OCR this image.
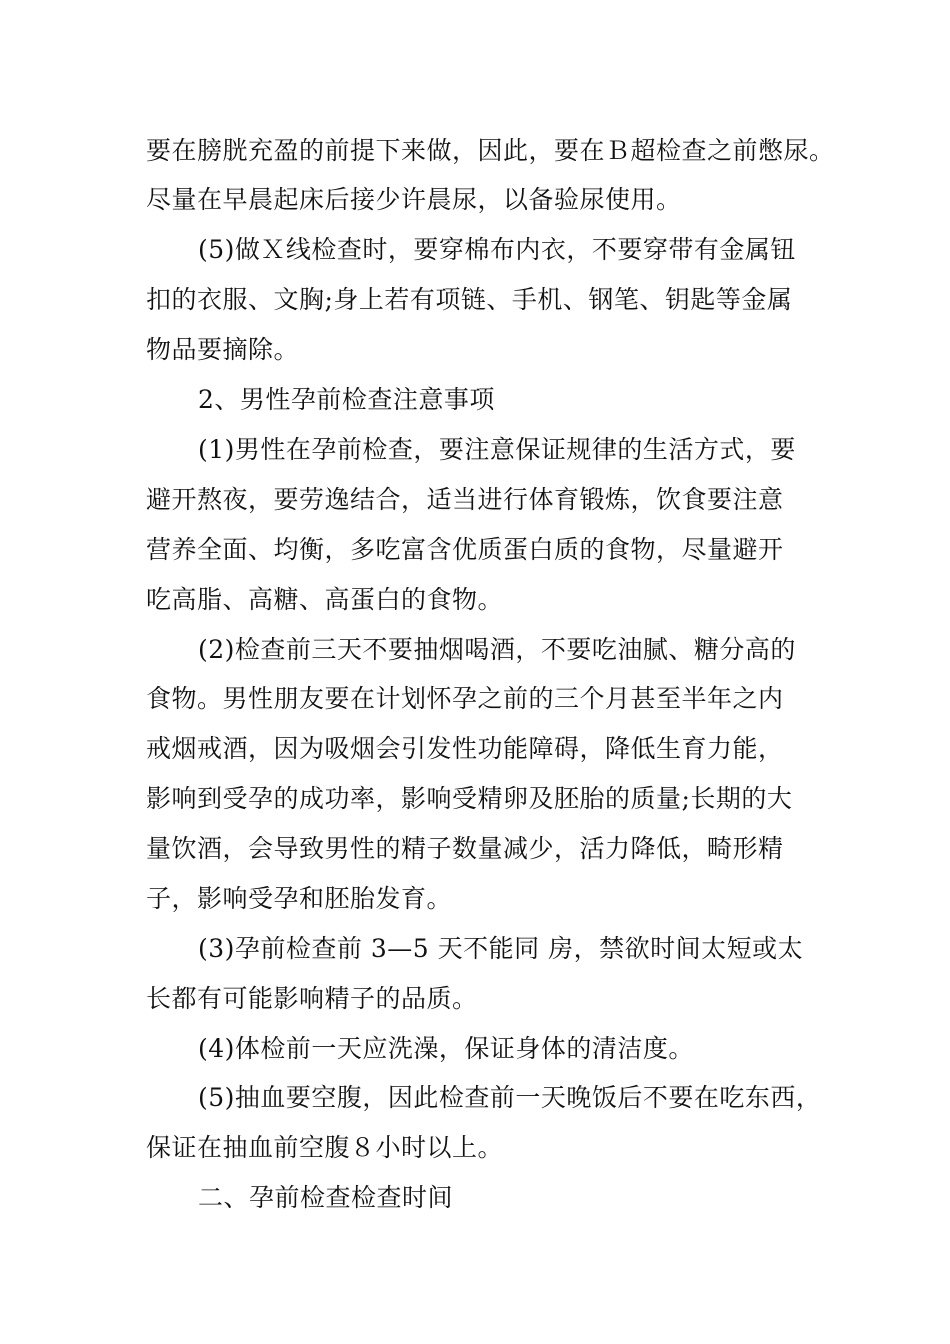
要在膀胱充盈的前提下来做，因此，要在Ｂ超检查之前憋尿。
尽量在早晨起床后接少许晨尿，以备验尿使用。
(5)做Ｘ线检查时，要穿棉布内衣，不要穿带有金属钮
扣的衣服、文胸;身上若有项链、手机、钢笔、钥匙等金属
物品要摘除。
2、男性孕前检查注意事项
(1)男性在孕前检查，要注意保证规律的生活方式，要
避开熬夜，要劳逸结合，适当进行体育锻炼，饮食要注意
营养全面、均衡，多吃富含优质蛋白质的食物，尽量避开
吃高脂、高糖、高蛋白的食物。
(2)检查前三天不要抽烟喝酒，不要吃油腻、糖分高的
食物。男性朋友要在计划怀孕之前的三个月甚至半年之内
戒烟戒酒，因为吸烟会引发性功能障碍，降低生育力能，
影响到受孕的成功率，影响受精卵及胚胎的质量;长期的大
量饮酒，会导致男性的精子数量减少，活力降低，畸形精
子，影响受孕和胚胎发育。
(3)孕前检查前 3—5 天不能同 房，禁欲时间太短或太
长都有可能影响精子的品质。
(4)体检前一天应洗澡，保证身体的清洁度。
(5)抽血要空腹，因此检查前一天晚饭后不要在吃东西，
保证在抽血前空腹８小时以上。
二、孕前检查检查时间
